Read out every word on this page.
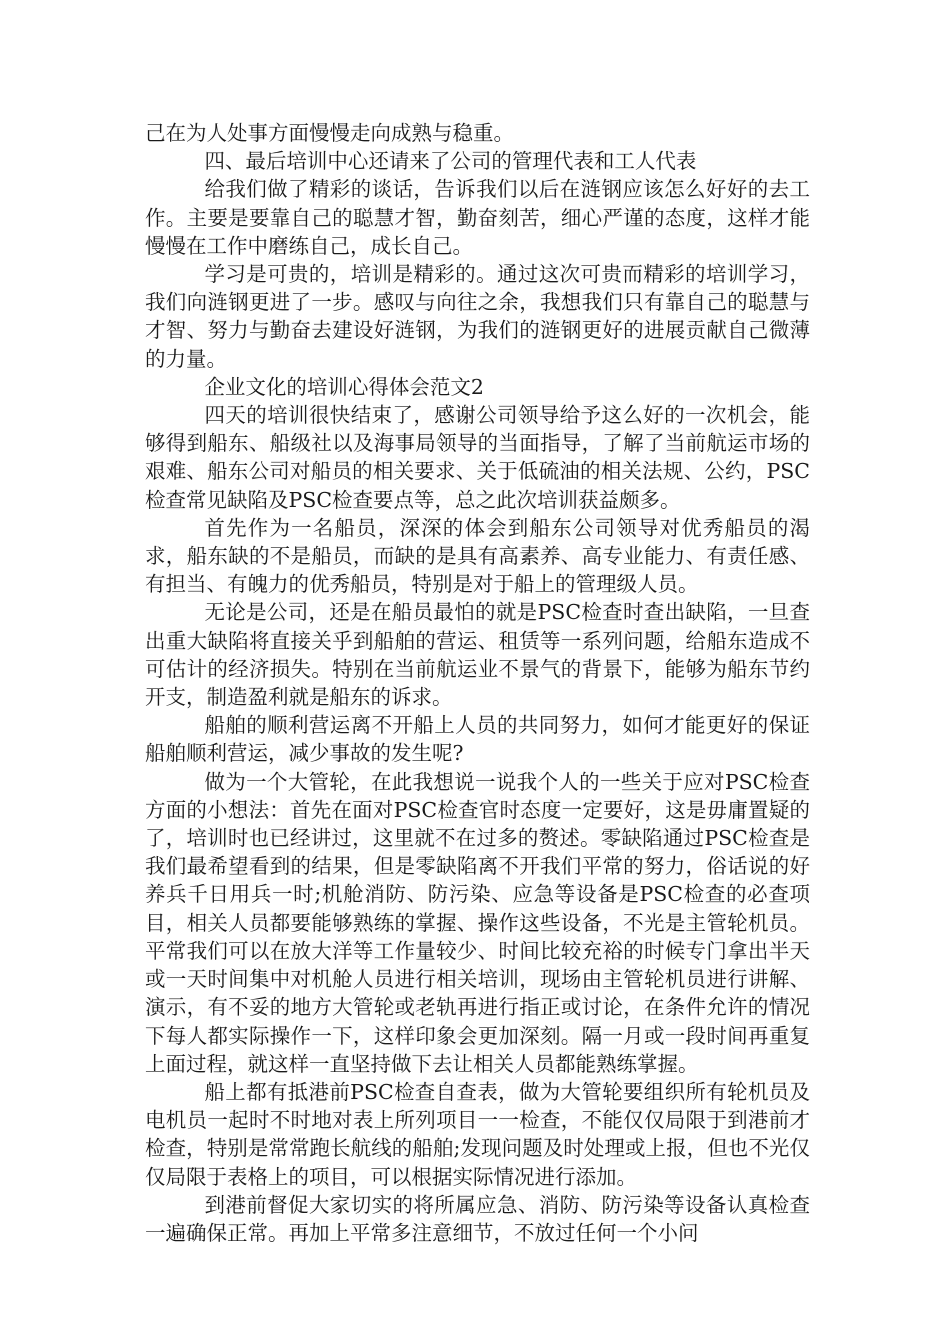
己在为人处事方面慢慢走向成熟与稳重。

四、最后培训中心还请来了公司的管理代表和工人代表

给我们做了精彩的谈话，告诉我们以后在涟钢应该怎么好好的去工作。主要是要靠自己的聪慧才智，勤奋刻苦，细心严谨的态度，这样才能慢慢在工作中磨练自己，成长自己。

学习是可贵的，培训是精彩的。通过这次可贵而精彩的培训学习，我们向涟钢更进了一步。感叹与向往之余，我想我们只有靠自己的聪慧与才智、努力与勤奋去建设好涟钢，为我们的涟钢更好的进展贡献自己微薄的力量。

企业文化的培训心得体会范文2

四天的培训很快结束了，感谢公司领导给予这么好的一次机会，能够得到船东、船级社以及海事局领导的当面指导，了解了当前航运市场的艰难、船东公司对船员的相关要求、关于低硫油的相关法规、公约，PSC检查常见缺陷及PSC检查要点等，总之此次培训获益颇多。

首先作为一名船员，深深的体会到船东公司领导对优秀船员的渴求，船东缺的不是船员，而缺的是具有高素养、高专业能力、有责任感、有担当、有魄力的优秀船员，特别是对于船上的管理级人员。

无论是公司，还是在船员最怕的就是PSC检查时查出缺陷，一旦查出重大缺陷将直接关乎到船舶的营运、租赁等一系列问题，给船东造成不可估计的经济损失。特别在当前航运业不景气的背景下，能够为船东节约开支，制造盈利就是船东的诉求。

船舶的顺利营运离不开船上人员的共同努力，如何才能更好的保证船舶顺利营运，减少事故的发生呢?

做为一个大管轮，在此我想说一说我个人的一些关于应对PSC检查方面的小想法：首先在面对PSC检查官时态度一定要好，这是毋庸置疑的了，培训时也已经讲过，这里就不在过多的赘述。零缺陷通过PSC检查是我们最希望看到的结果，但是零缺陷离不开我们平常的努力，俗话说的好养兵千日用兵一时;机舱消防、防污染、应急等设备是PSC检查的必查项目，相关人员都要能够熟练的掌握、操作这些设备，不光是主管轮机员。平常我们可以在放大洋等工作量较少、时间比较充裕的时候专门拿出半天或一天时间集中对机舱人员进行相关培训，现场由主管轮机员进行讲解、演示，有不妥的地方大管轮或老轨再进行指正或讨论，在条件允许的情况下每人都实际操作一下，这样印象会更加深刻。隔一月或一段时间再重复上面过程，就这样一直坚持做下去让相关人员都能熟练掌握。

船上都有抵港前PSC检查自查表，做为大管轮要组织所有轮机员及电机员一起时不时地对表上所列项目一一检查，不能仅仅局限于到港前才检查，特别是常常跑长航线的船舶;发现问题及时处理或上报，但也不光仅仅局限于表格上的项目，可以根据实际情况进行添加。

到港前督促大家切实的将所属应急、消防、防污染等设备认真检查一遍确保正常。再加上平常多注意细节，不放过任何一个小问
